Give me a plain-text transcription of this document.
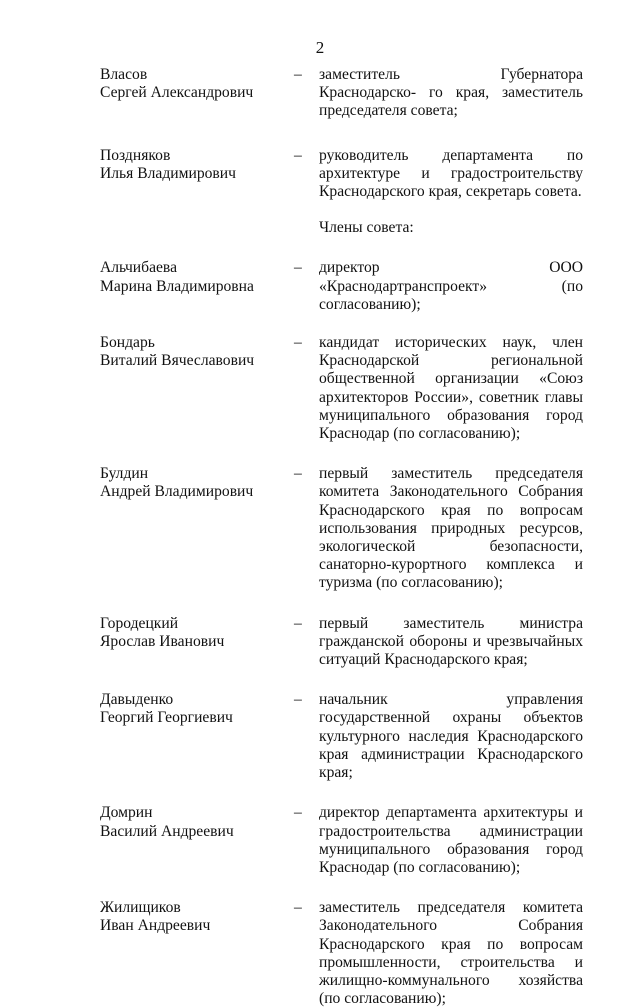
2
Власов
Сергей Александрович
–	заместитель Губернатора Краснодарско- го края, заместитель председателя совета;
Поздняков
Илья Владимирович
–	руководитель департамента по архитектуре и градостроительству Краснодарского края, секретарь совета.
Члены совета:
Альчибаева
Марина Владимировна
–	директор ООО «Краснодартранспроект» (по согласованию);
Бондарь
Виталий Вячеславович
–	кандидат исторических наук, член Краснодарской региональной общественной организации «Союз архитекторов России», советник главы муниципального образования город Краснодар (по согласованию);
Булдин
Андрей Владимирович
–	первый заместитель председателя комитета Законодательного Собрания Краснодарского края по вопросам использования природных ресурсов, экологической безопасности, санаторно-курортного комплекса и туризма (по согласованию);
Городецкий
Ярослав Иванович
–	первый заместитель министра гражданской обороны и чрезвычайных ситуаций Краснодарского края;
Давыденко
Георгий Георгиевич
–	начальник управления государственной охраны объектов культурного наследия Краснодарского края администрации Краснодарского края;
Домрин
Василий Андреевич
–	директор департамента архитектуры и градостроительства администрации муниципального образования город Краснодар (по согласованию);
Жилищиков
Иван Андреевич
–	заместитель председателя комитета Законодательного Собрания Краснодарского края по вопросам промышленности, строительства и жилищно-коммунального хозяйства (по согласованию);
